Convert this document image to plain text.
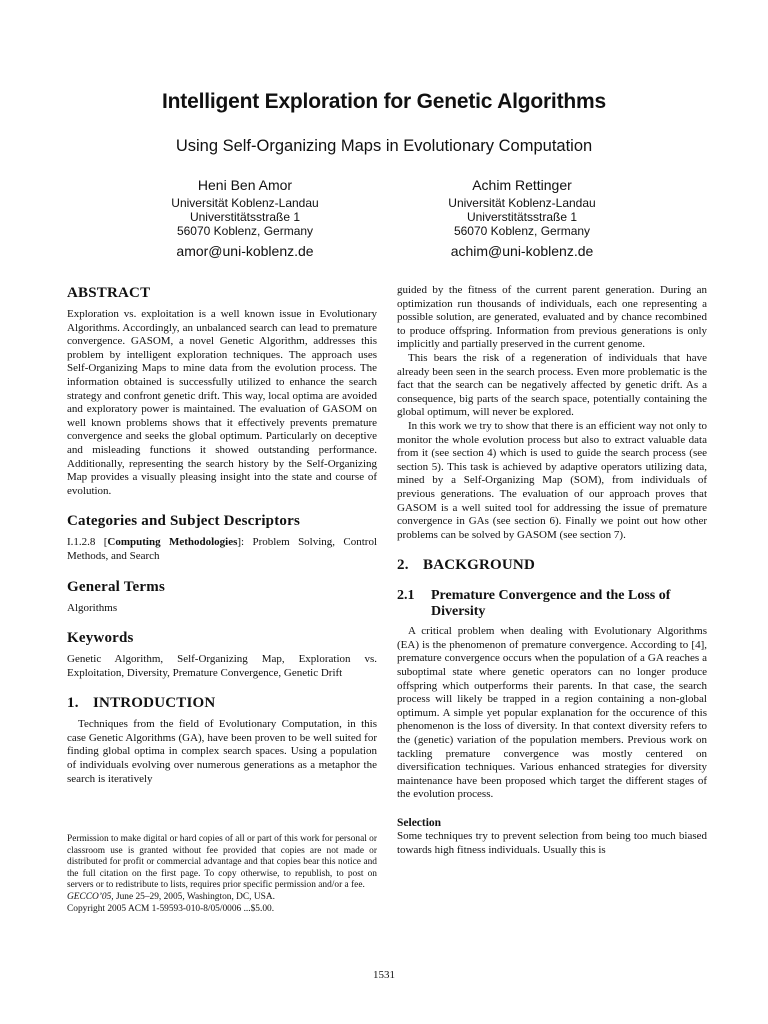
Intelligent Exploration for Genetic Algorithms
Using Self-Organizing Maps in Evolutionary Computation
Heni Ben Amor
Universität Koblenz-Landau
Universtitätsstraße 1
56070 Koblenz, Germany
amor@uni-koblenz.de
Achim Rettinger
Universität Koblenz-Landau
Universtitätsstraße 1
56070 Koblenz, Germany
achim@uni-koblenz.de
ABSTRACT

Exploration vs. exploitation is a well known issue in Evolutionary Algorithms. Accordingly, an unbalanced search can lead to premature convergence. GASOM, a novel Genetic Algorithm, addresses this problem by intelligent exploration techniques. The approach uses Self-Organizing Maps to mine data from the evolution process. The information obtained is successfully utilized to enhance the search strategy and confront genetic drift. This way, local optima are avoided and exploratory power is maintained. The evaluation of GASOM on well known problems shows that it effectively prevents premature convergence and seeks the global optimum. Particularly on deceptive and misleading functions it showed outstanding performance. Additionally, representing the search history by the Self-Organizing Map provides a visually pleasing insight into the state and course of evolution.

Categories and Subject Descriptors

I.1.2.8 [Computing Methodologies]: Problem Solving, Control Methods, and Search

General Terms

Algorithms

Keywords

Genetic Algorithm, Self-Organizing Map, Exploration vs. Exploitation, Diversity, Premature Convergence, Genetic Drift

1. INTRODUCTION

Techniques from the field of Evolutionary Computation, in this case Genetic Algorithms (GA), have been proven to be well suited for finding global optima in complex search spaces. Using a population of individuals evolving over numerous generations as a metaphor the search is iteratively

Permission to make digital or hard copies of all or part of this work for personal or classroom use is granted without fee provided that copies are not made or distributed for profit or commercial advantage and that copies bear this notice and the full citation on the first page. To copy otherwise, to republish, to post on servers or to redistribute to lists, requires prior specific permission and/or a fee.

GECCO’05, June 25–29, 2005, Washington, DC, USA.

Copyright 2005 ACM 1-59593-010-8/05/0006 ...$5.00.

guided by the fitness of the current parent generation. During an optimization run thousands of individuals, each one representing a possible solution, are generated, evaluated and by chance recombined to produce offspring. Information from previous generations is only implicitly and partially preserved in the current genome.

This bears the risk of a regeneration of individuals that have already been seen in the search process. Even more problematic is the fact that the search can be negatively affected by genetic drift. As a consequence, big parts of the search space, potentially containing the global optimum, will never be explored.

In this work we try to show that there is an efficient way not only to monitor the whole evolution process but also to extract valuable data from it (see section 4) which is used to guide the search process (see section 5). This task is achieved by adaptive operators utilizing data, mined by a Self-Organizing Map (SOM), from individuals of previous generations. The evaluation of our approach proves that GASOM is a well suited tool for addressing the issue of premature convergence in GAs (see section 6). Finally we point out how other problems can be solved by GASOM (see section 7).

2. BACKGROUND
2.1	Premature Convergence and the Loss of Diversity

A critical problem when dealing with Evolutionary Algorithms (EA) is the phenomenon of premature convergence. According to [4], premature convergence occurs when the population of a GA reaches a suboptimal state where genetic operators can no longer produce offspring which outperforms their parents. In that case, the search process will likely be trapped in a region containing a non-global optimum. A simple yet popular explanation for the occurence of this phenomenon is the loss of diversity. In that context diversity refers to the (genetic) variation of the population members. Previous work on tackling premature convergence was mostly centered on diversification techniques. Various enhanced strategies for diversity maintenance have been proposed which target the different stages of the evolution process.

Selection

Some techniques try to prevent selection from being too much biased towards high fitness individuals. Usually this is

1531
